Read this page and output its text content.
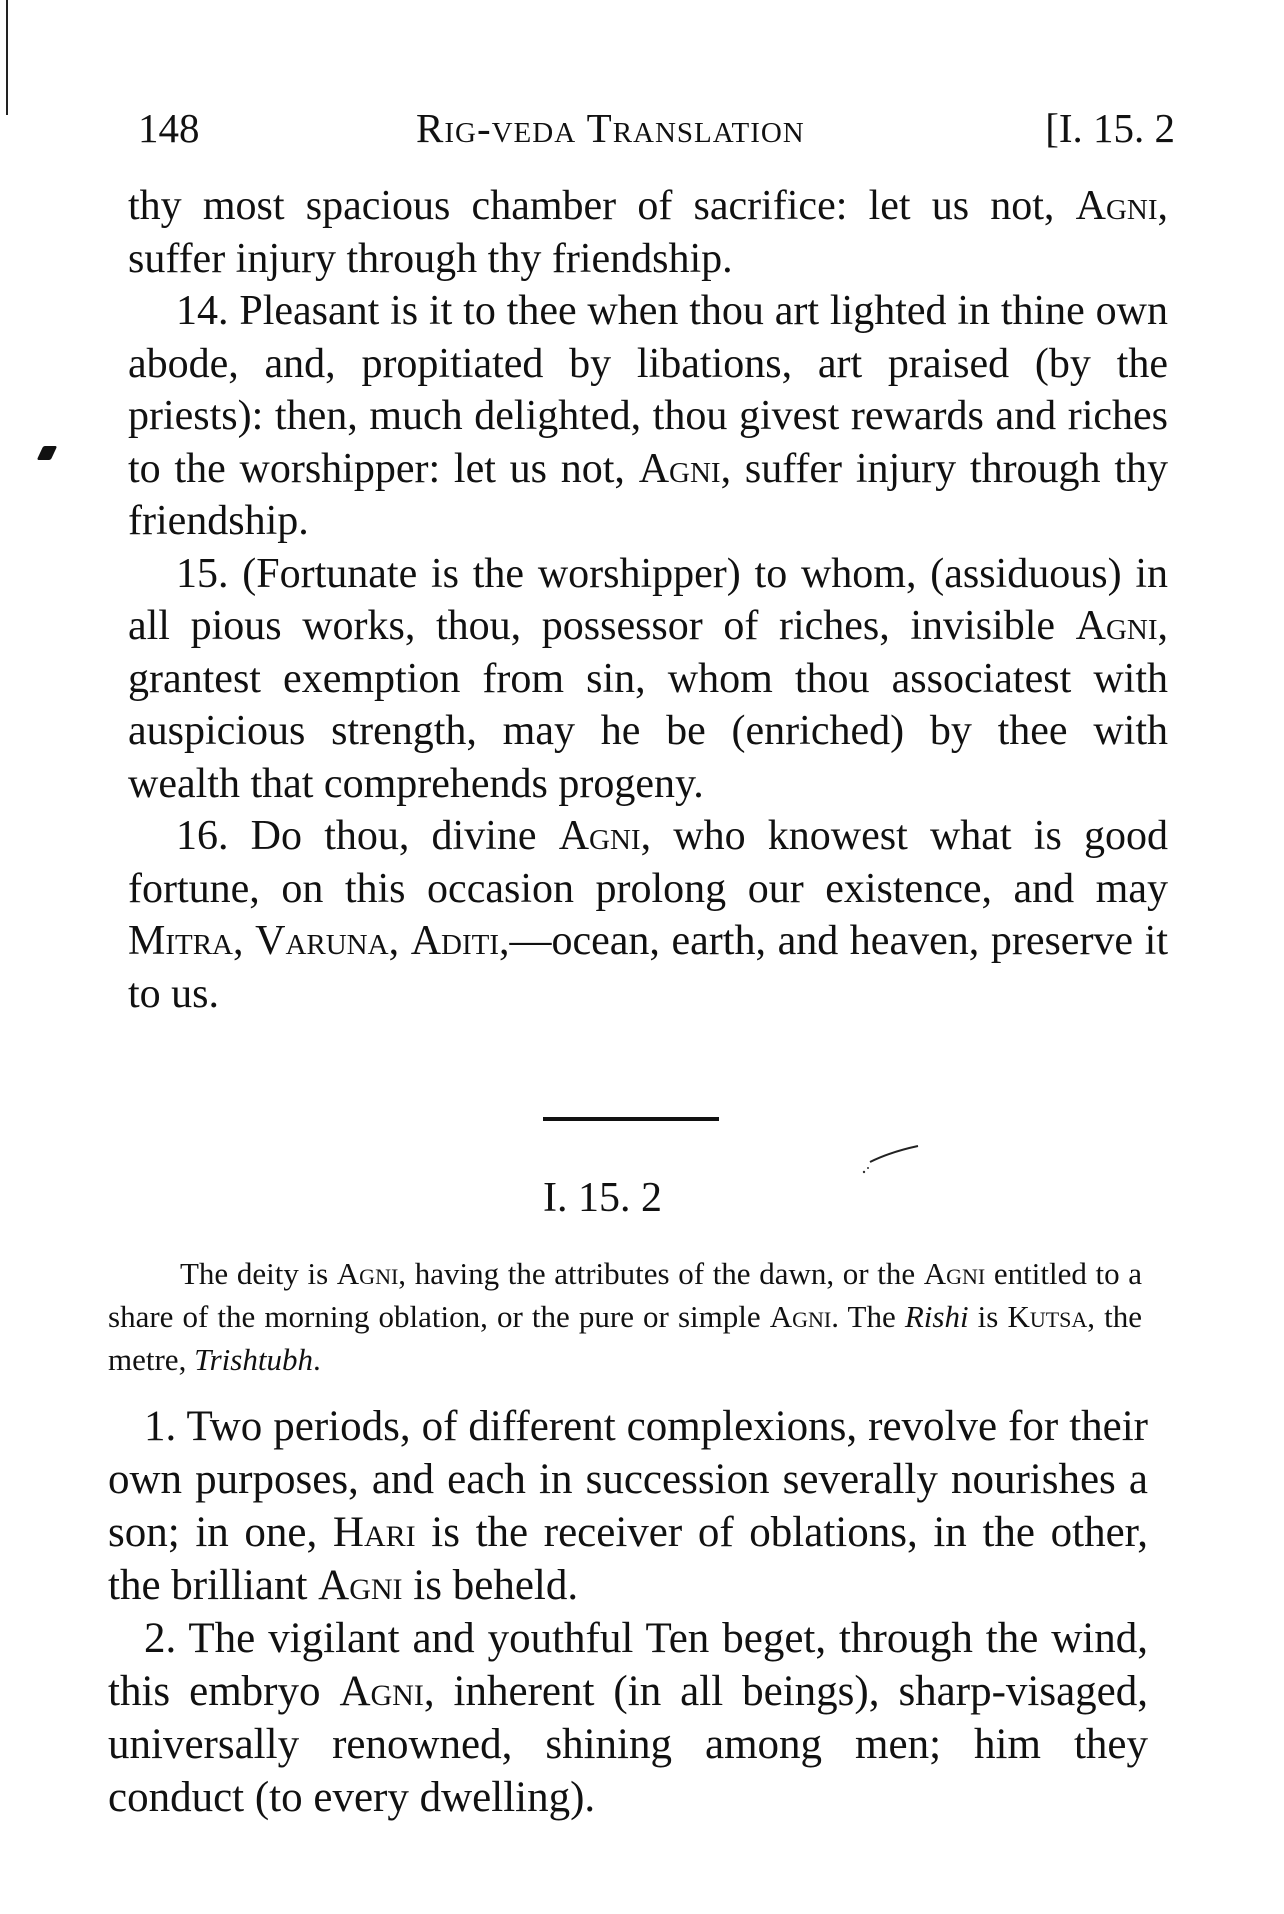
148	Rig-veda Translation	[I. 15. 2

thy most spacious chamber of sacrifice: let us not, Agni, suffer injury through thy friendship.

14. Pleasant is it to thee when thou art lighted in thine own abode, and, propitiated by libations, art praised (by the priests): then, much delighted, thou givest rewards and riches to the worshipper: let us not, Agni, suffer injury through thy friendship.

15. (Fortunate is the worshipper) to whom, (assiduous) in all pious works, thou, possessor of riches, invisible Agni, grantest exemption from sin, whom thou associatest with auspicious strength, may he be (enriched) by thee with wealth that comprehends progeny.

16. Do thou, divine Agni, who knowest what is good fortune, on this occasion prolong our existence, and may Mitra, Varuna, Aditi,—ocean, earth, and heaven, preserve it to us.

I. 15. 2

The deity is Agni, having the attributes of the dawn, or the Agni entitled to a share of the morning oblation, or the pure or simple Agni. The Rishi is Kutsa, the metre, Trishtubh.

1. Two periods, of different complexions, revolve for their own purposes, and each in succession severally nourishes a son; in one, Hari is the receiver of oblations, in the other, the brilliant Agni is beheld.

2. The vigilant and youthful Ten beget, through the wind, this embryo Agni, inherent (in all beings), sharp-visaged, universally renowned, shining among men; him they conduct (to every dwelling).
